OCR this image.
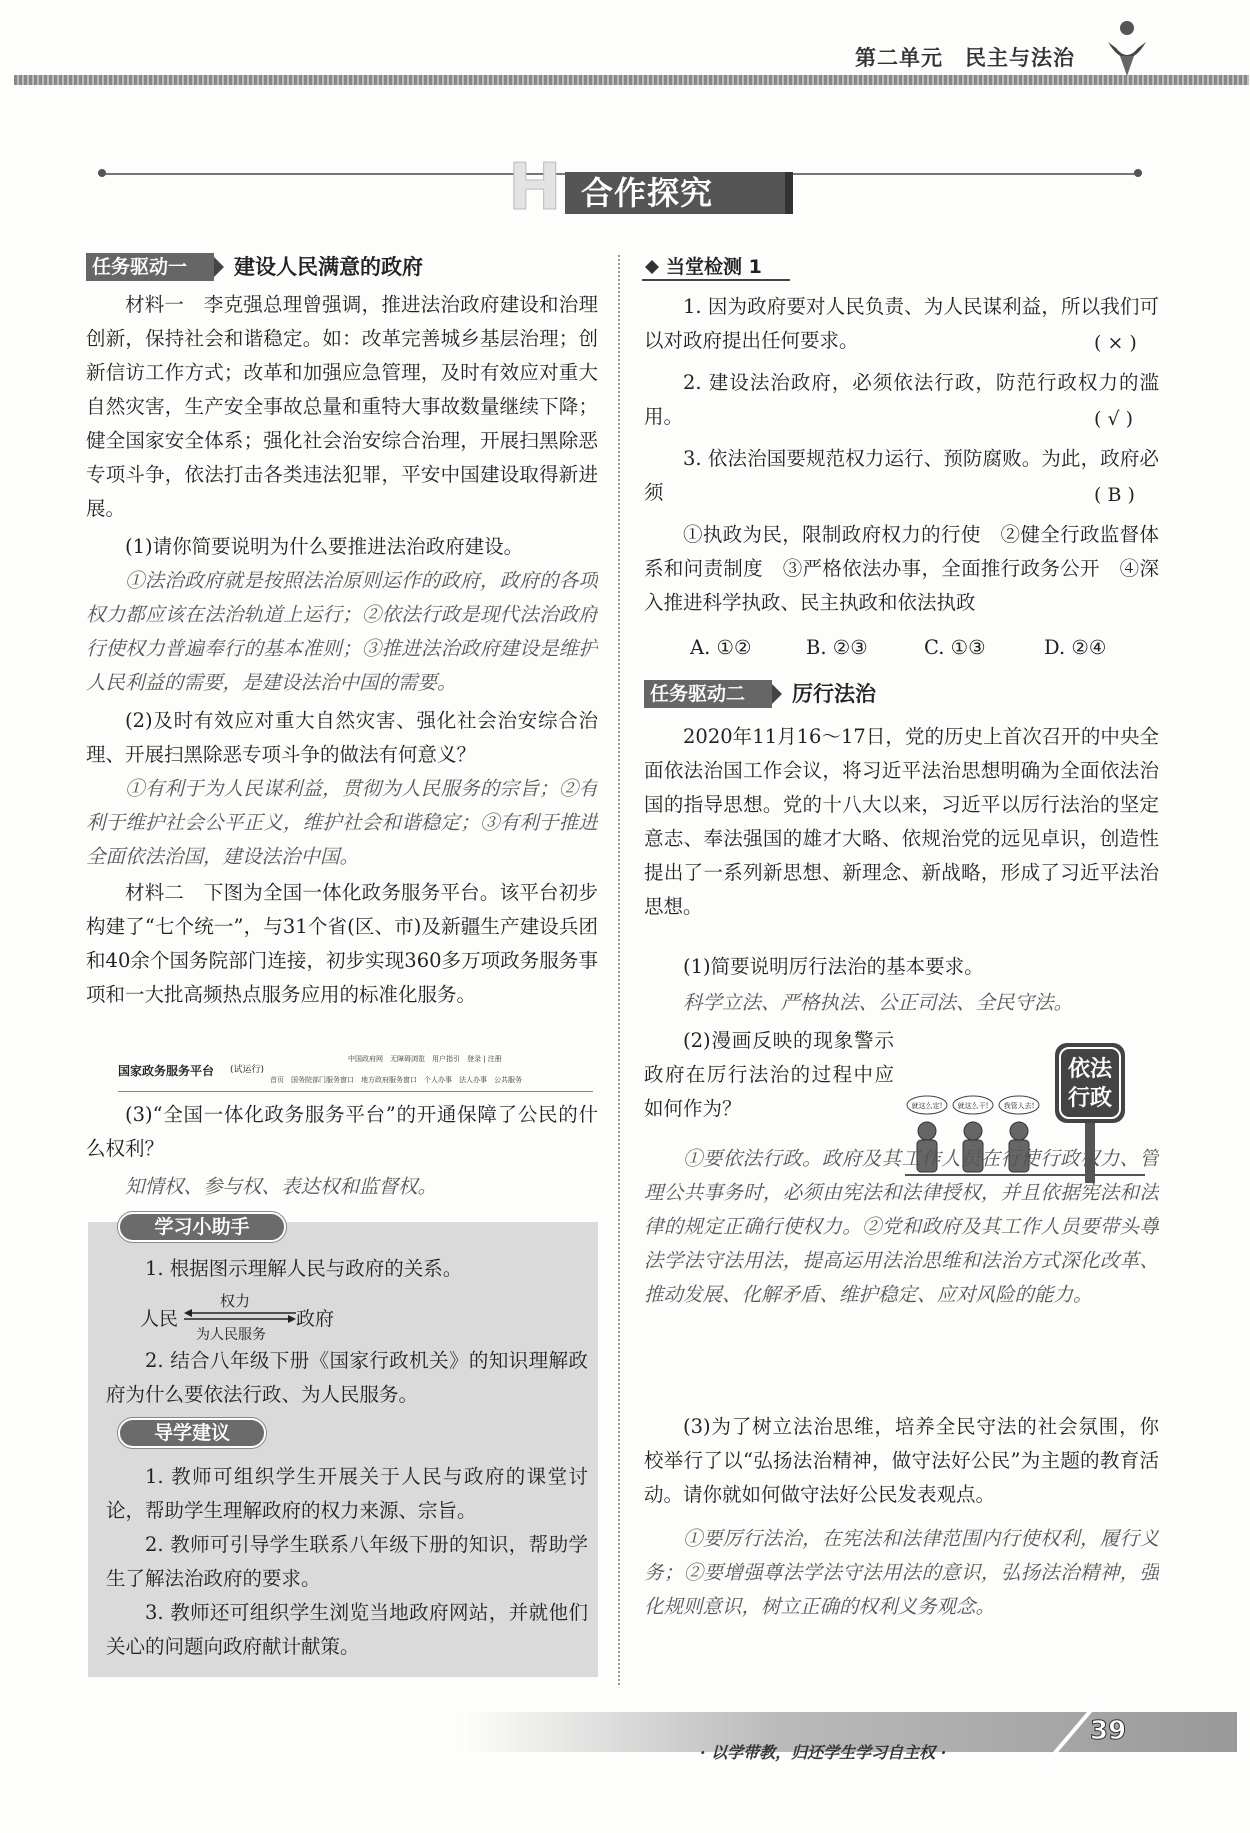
第二单元　民主与法治
H 合作探究
任务驱动一	建设人民满意的政府
材料一　李克强总理曾强调，推进法治政府建设和治理创新，保持社会和谐稳定。如：改革完善城乡基层治理；创新信访工作方式；改革和加强应急管理，及时有效应对重大自然灾害，生产安全事故总量和重特大事故数量继续下降；健全国家安全体系；强化社会治安综合治理，开展扫黑除恶专项斗争，依法打击各类违法犯罪，平安中国建设取得新进展。
(1)请你简要说明为什么要推进法治政府建设。
①法治政府就是按照法治原则运作的政府，政府的各项权力都应该在法治轨道上运行；②依法行政是现代法治政府行使权力普遍奉行的基本准则；③推进法治政府建设是维护人民利益的需要，是建设法治中国的需要。
(2)及时有效应对重大自然灾害、强化社会治安综合治理、开展扫黑除恶专项斗争的做法有何意义？
①有利于为人民谋利益，贯彻为人民服务的宗旨；②有利于维护社会公平正义，维护社会和谐稳定；③有利于推进全面依法治国，建设法治中国。
材料二　下图为全国一体化政务服务平台。该平台初步构建了“七个统一”，与31个省(区、市)及新疆生产建设兵团和40余个国务院部门连接，初步实现360多万项政务服务事项和一大批高频热点服务应用的标准化服务。
国家政务服务平台	(试运行)
中国政府网　无障碍浏览　用户指引　登录 | 注册
首页　国务院部门服务窗口　地方政府服务窗口　个人办事　法人办事　公共服务
(3)“全国一体化政务服务平台”的开通保障了公民的什么权利？
知情权、参与权、表达权和监督权。
学习小助手
1. 根据图示理解人民与政府的关系。
人民
权力
政府
为人民服务
2. 结合八年级下册《国家行政机关》的知识理解政府为什么要依法行政、为人民服务。
导学建议
1. 教师可组织学生开展关于人民与政府的课堂讨论，帮助学生理解政府的权力来源、宗旨。
2. 教师可引导学生联系八年级下册的知识，帮助学生了解法治政府的要求。
3. 教师还可组织学生浏览当地政府网站，并就他们关心的问题向政府献计献策。
当堂检测 1
1. 因为政府要对人民负责、为人民谋利益，所以我们可以对政府提出任何要求。	( × )
2. 建设法治政府，必须依法行政，防范行政权力的滥用。	( √ )
3. 依法治国要规范权力运行、预防腐败。为此，政府必须	( B )
①执政为民，限制政府权力的行使　②健全行政监督体系和问责制度　③严格依法办事，全面推行政务公开　④深入推进科学执政、民主执政和依法执政
A. ①②	B. ②③	C. ①③	D. ②④
任务驱动二	厉行法治
2020年11月16～17日，党的历史上首次召开的中央全面依法治国工作会议，将习近平法治思想明确为全面依法治国的指导思想。党的十八大以来，习近平以厉行法治的坚定意志、奉法强国的雄才大略、依规治党的远见卓识，创造性提出了一系列新思想、新理念、新战略，形成了习近平法治思想。
(1)简要说明厉行法治的基本要求。
科学立法、严格执法、公正司法、全民守法。
(2)漫画反映的现象警示政府在厉行法治的过程中应如何作为？
依法
行政
就这么定! 就这么干! 我管人去!
①要依法行政。政府及其工作人员在行使行政权力、管理公共事务时，必须由宪法和法律授权，并且依据宪法和法律的规定正确行使权力。②党和政府及其工作人员要带头尊法学法守法用法，提高运用法治思维和法治方式深化改革、推动发展、化解矛盾、维护稳定、应对风险的能力。
(3)为了树立法治思维，培养全民守法的社会氛围，你校举行了以“弘扬法治精神，做守法好公民”为主题的教育活动。请你就如何做守法好公民发表观点。
①要厉行法治，在宪法和法律范围内行使权利，履行义务；②要增强尊法学法守法用法的意识，弘扬法治精神，强化规则意识，树立正确的权利义务观念。
· 以学带教，归还学生学习自主权 ·
39
